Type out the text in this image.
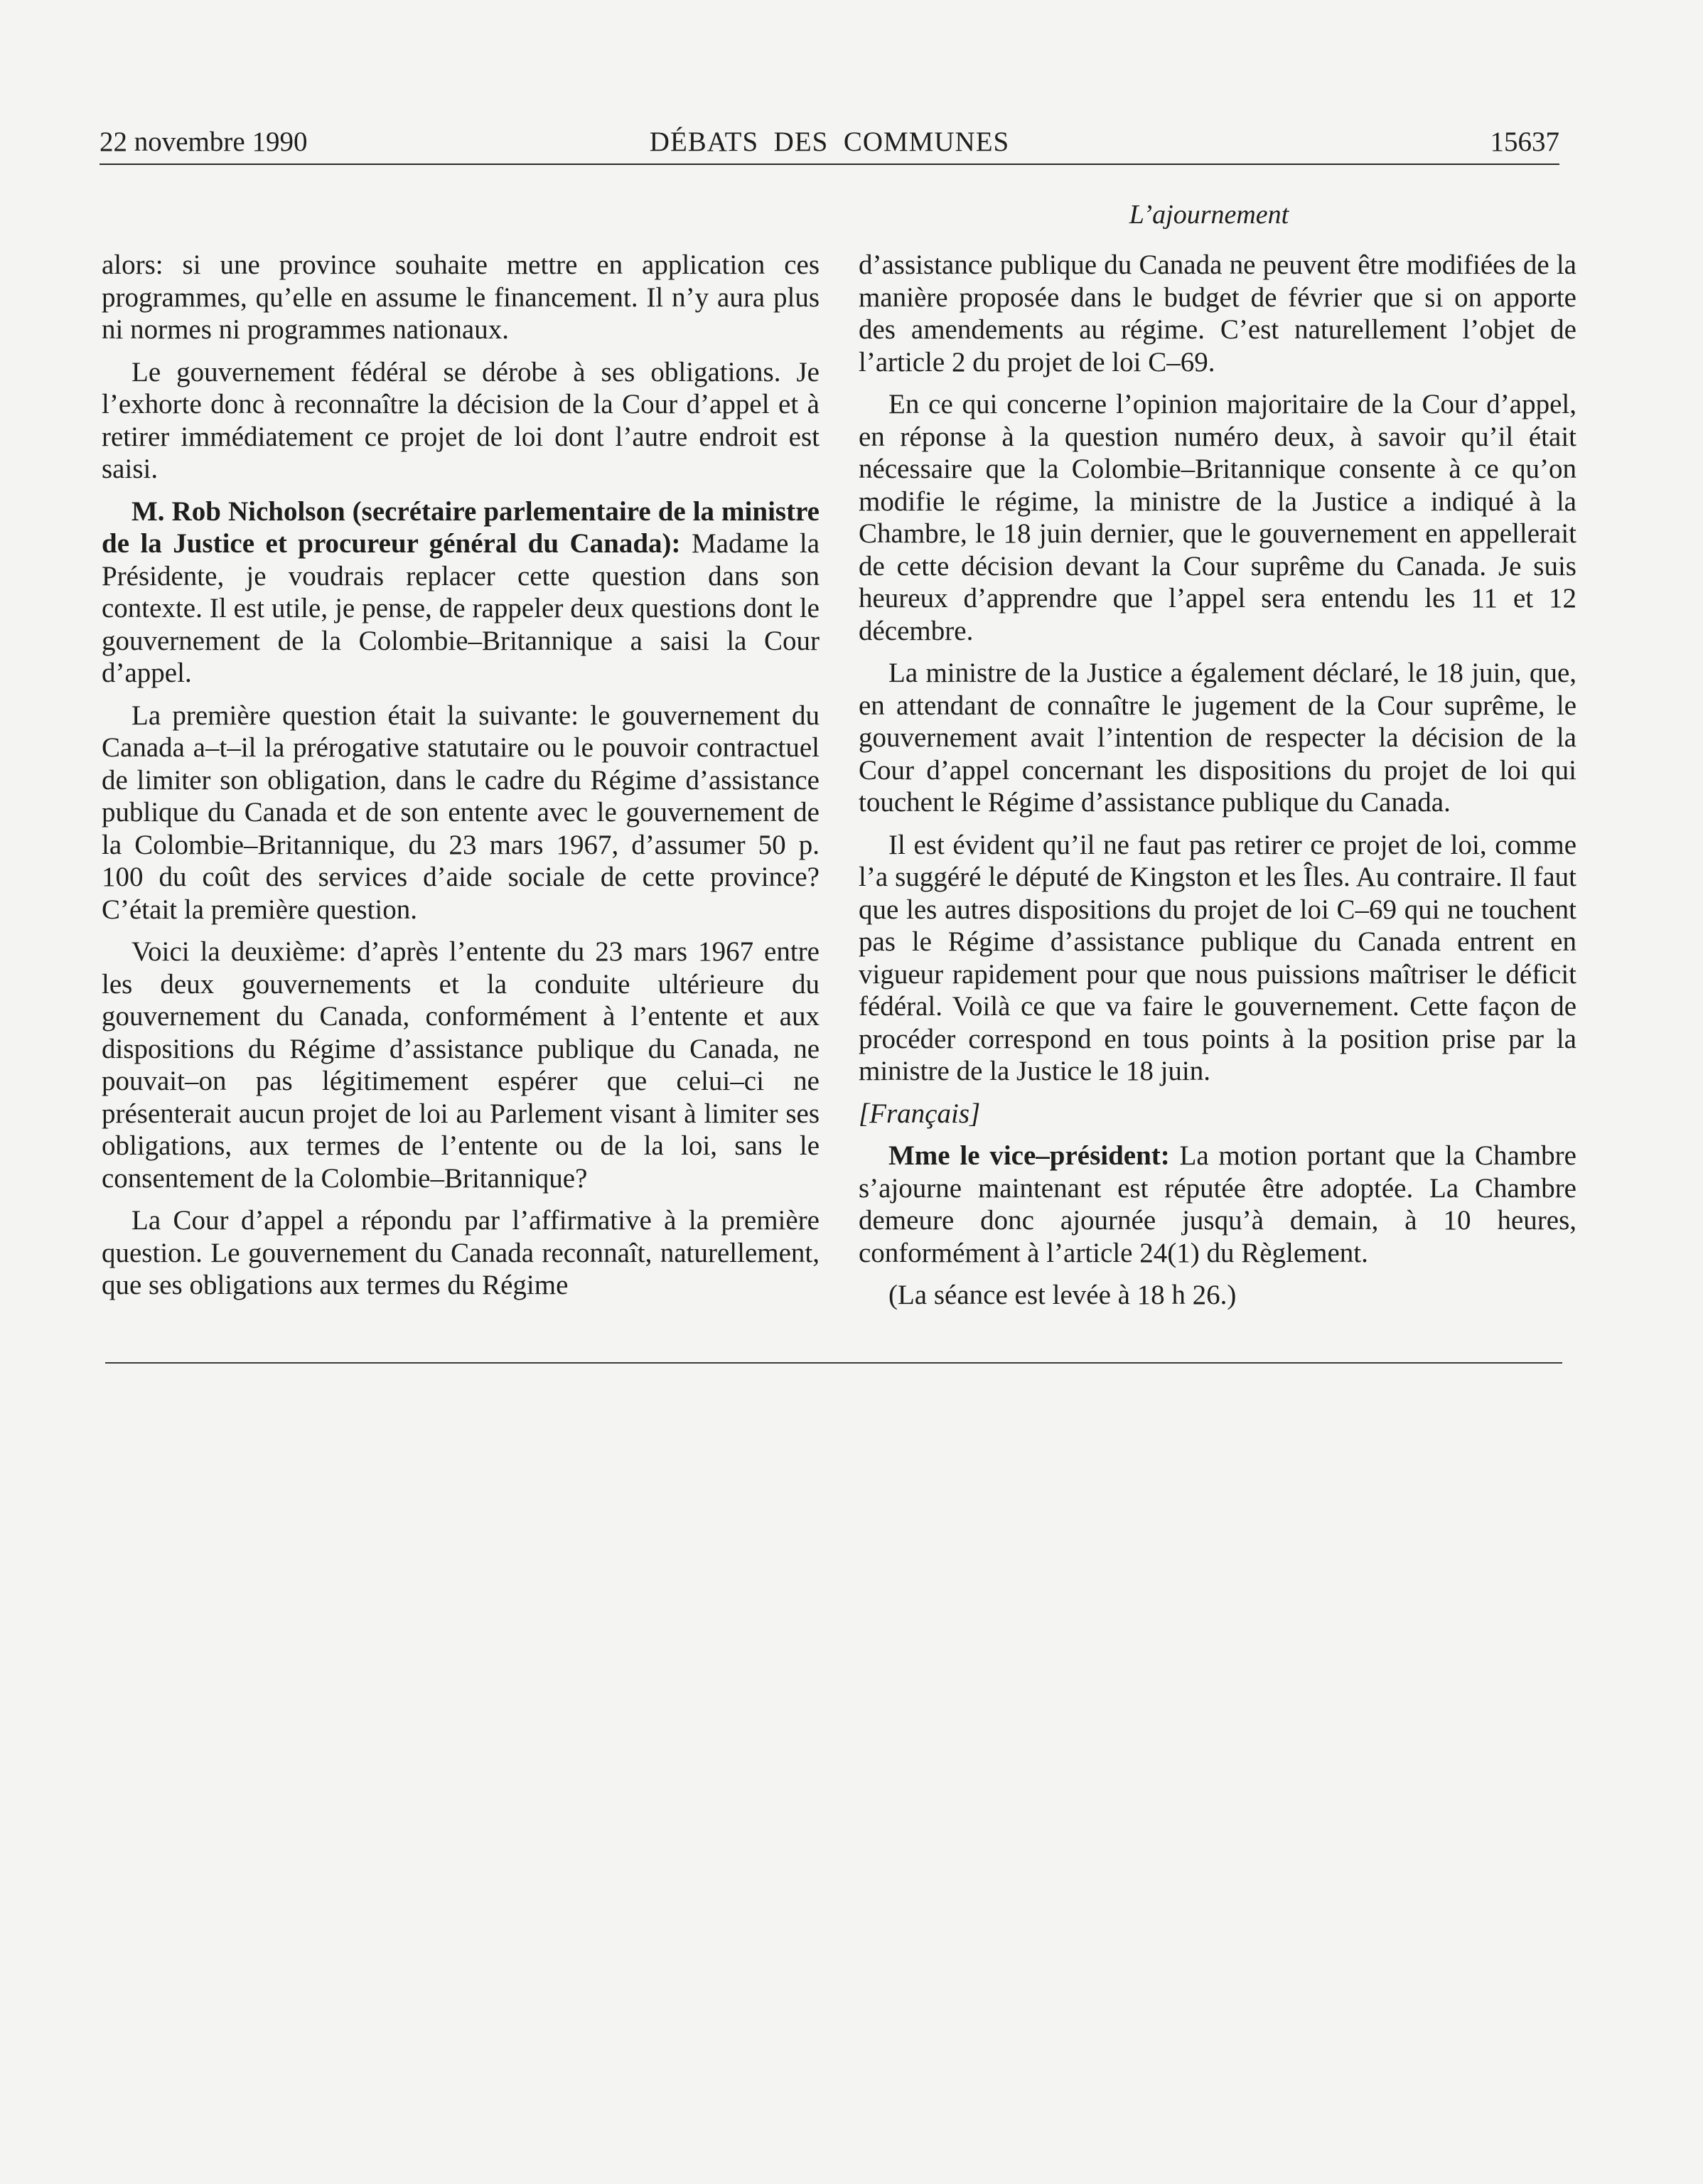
22 novembre 1990	DÉBATS  DES  COMMUNES	15637
L’ajournement

alors: si une province souhaite mettre en application ces programmes, qu’elle en assume le financement. Il n’y aura plus ni normes ni programmes nationaux.

Le gouvernement fédéral se dérobe à ses obligations. Je l’exhorte donc à reconnaître la décision de la Cour d’appel et à retirer immédiatement ce projet de loi dont l’autre endroit est saisi.

M. Rob Nicholson (secrétaire parlementaire de la ministre de la Justice et procureur général du Canada): Madame la Présidente, je voudrais replacer cette question dans son contexte. Il est utile, je pense, de rappeler deux questions dont le gouvernement de la Colombie–Britannique a saisi la Cour d’appel.

La première question était la suivante: le gouvernement du Canada a–t–il la prérogative statutaire ou le pouvoir contractuel de limiter son obligation, dans le cadre du Régime d’assistance publique du Canada et de son entente avec le gouvernement de la Colombie–Britannique, du 23 mars 1967, d’assumer 50 p. 100 du coût des services d’aide sociale de cette province? C’était la première question.

Voici la deuxième: d’après l’entente du 23 mars 1967 entre les deux gouvernements et la conduite ultérieure du gouvernement du Canada, conformément à l’entente et aux dispositions du Régime d’assistance publique du Canada, ne pouvait–on pas légitimement espérer que celui–ci ne présenterait aucun projet de loi au Parlement visant à limiter ses obligations, aux termes de l’entente ou de la loi, sans le consentement de la Colombie–Britannique?

La Cour d’appel a répondu par l’affirmative à la première question. Le gouvernement du Canada reconnaît, naturellement, que ses obligations aux termes du Régime

d’assistance publique du Canada ne peuvent être modifiées de la manière proposée dans le budget de février que si on apporte des amendements au régime. C’est naturellement l’objet de l’article 2 du projet de loi C–69.

En ce qui concerne l’opinion majoritaire de la Cour d’appel, en réponse à la question numéro deux, à savoir qu’il était nécessaire que la Colombie–Britannique consente à ce qu’on modifie le régime, la ministre de la Justice a indiqué à la Chambre, le 18 juin dernier, que le gouvernement en appellerait de cette décision devant la Cour suprême du Canada. Je suis heureux d’apprendre que l’appel sera entendu les 11 et 12 décembre.

La ministre de la Justice a également déclaré, le 18 juin, que, en attendant de connaître le jugement de la Cour suprême, le gouvernement avait l’intention de respecter la décision de la Cour d’appel concernant les dispositions du projet de loi qui touchent le Régime d’assistance publique du Canada.

Il est évident qu’il ne faut pas retirer ce projet de loi, comme l’a suggéré le député de Kingston et les Îles. Au contraire. Il faut que les autres dispositions du projet de loi C–69 qui ne touchent pas le Régime d’assistance publique du Canada entrent en vigueur rapidement pour que nous puissions maîtriser le déficit fédéral. Voilà ce que va faire le gouvernement. Cette façon de procéder correspond en tous points à la position prise par la ministre de la Justice le 18 juin.

[Français]

Mme le vice–président: La motion portant que la Chambre s’ajourne maintenant est réputée être adoptée. La Chambre demeure donc ajournée jusqu’à demain, à 10 heures, conformément à l’article 24(1) du Règlement.

(La séance est levée à 18 h 26.)
